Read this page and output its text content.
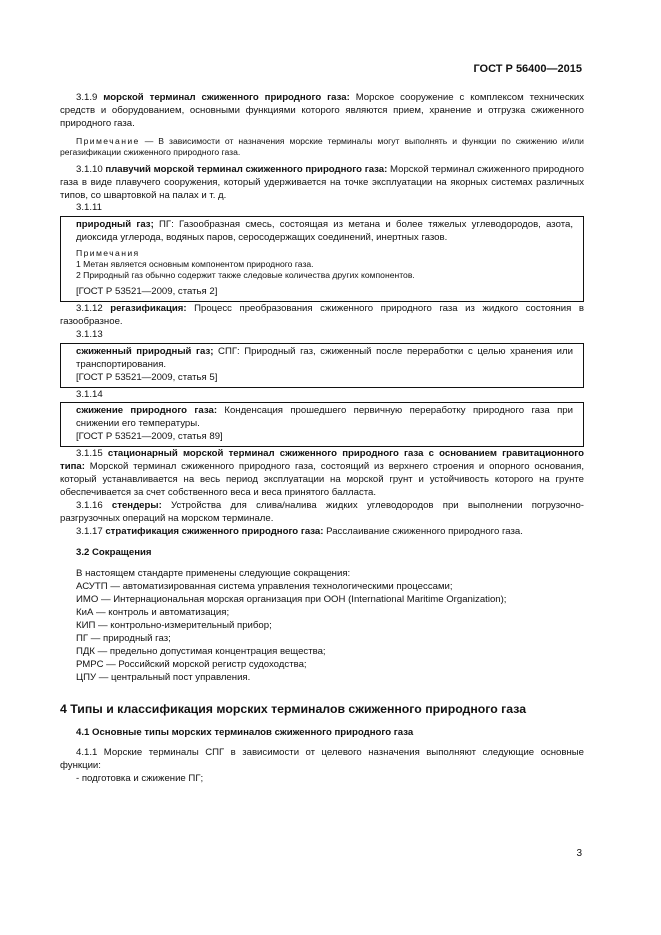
ГОСТ Р 56400—2015

3.1.9 морской терминал сжиженного природного газа: Морское сооружение с комплексом технических средств и оборудованием, основными функциями которого являются прием, хранение и отгрузка сжиженного природного газа.

Примечание — В зависимости от назначения морские терминалы могут выполнять и функции по сжижению и/или регазификации сжиженного природного газа.

3.1.10 плавучий морской терминал сжиженного природного газа: Морской терминал сжиженного природного газа в виде плавучего сооружения, который удерживается на точке эксплуатации на якорных системах различных типов, со швартовкой на палах и т. д.

3.1.11

природный газ; ПГ: Газообразная смесь, состоящая из метана и более тяжелых углеводородов, азота, диоксида углерода, водяных паров, серосодержащих соединений, инертных газов.

Примечания

1 Метан является основным компонентом природного газа.

2 Природный газ обычно содержит также следовые количества других компонентов.

[ГОСТ Р 53521—2009, статья 2]

3.1.12 регазификация: Процесс преобразования сжиженного природного газа из жидкого состояния в газообразное.

3.1.13

сжиженный природный газ; СПГ: Природный газ, сжиженный после переработки с целью хранения или транспортирования.

[ГОСТ Р 53521—2009, статья 5]

3.1.14

сжижение природного газа: Конденсация прошедшего первичную переработку природного газа при снижении его температуры.

[ГОСТ Р 53521—2009, статья 89]

3.1.15 стационарный морской терминал сжиженного природного газа с основанием гравитационного типа: Морской терминал сжиженного природного газа, состоящий из верхнего строения и опорного основания, который устанавливается на весь период эксплуатации на морской грунт и устойчивость которого на грунте обеспечивается за счет собственного веса и веса принятого балласта.

3.1.16 стендеры: Устройства для слива/налива жидких углеводородов при выполнении погрузочно-разгрузочных операций на морском терминале.

3.1.17 стратификация сжиженного природного газа: Расслаивание сжиженного природного газа.

3.2 Сокращения

В настоящем стандарте применены следующие сокращения:

АСУТП — автоматизированная система управления технологическими процессами;

ИМО — Интернациональная морская организация при ООН (International Maritime Organization);

КиА — контроль и автоматизация;

КИП — контрольно-измерительный прибор;

ПГ — природный газ;

ПДК — предельно допустимая концентрация вещества;

РМРС — Российский морской регистр судоходства;

ЦПУ — центральный пост управления.

4 Типы и классификация морских терминалов сжиженного природного газа

4.1 Основные типы морских терминалов сжиженного природного газа

4.1.1 Морские терминалы СПГ в зависимости от целевого назначения выполняют следующие основные функции:

- подготовка и сжижение ПГ;

3
